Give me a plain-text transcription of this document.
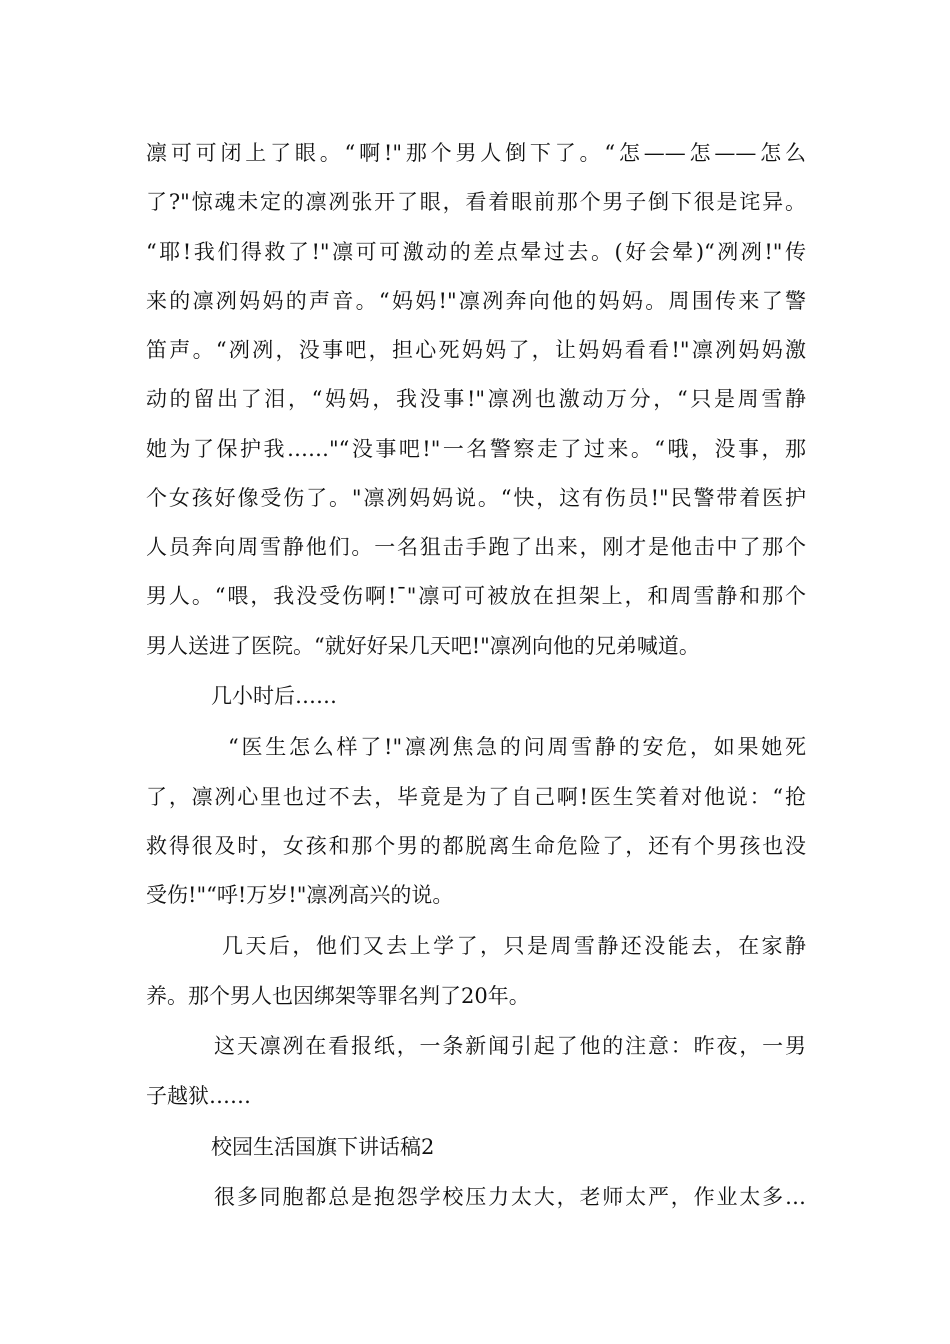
凛可可闭上了眼。“啊!"那个男人倒下了。“怎——怎——怎么
了?"惊魂未定的凛冽张开了眼，看着眼前那个男子倒下很是诧异。
“耶!我们得救了!"凛可可激动的差点晕过去。(好会晕)“冽冽!"传
来的凛冽妈妈的声音。“妈妈!"凛冽奔向他的妈妈。周围传来了警
笛声。“冽冽，没事吧，担心死妈妈了，让妈妈看看!"凛冽妈妈激
动的留出了泪，“妈妈，我没事!"凛冽也激动万分，“只是周雪静
她为了保护我……"“没事吧!"一名警察走了过来。“哦，没事，那
个女孩好像受伤了。"凛冽妈妈说。“快，这有伤员!"民警带着医护
人员奔向周雪静他们。一名狙击手跑了出来，刚才是他击中了那个
男人。“喂，我没受伤啊!¯"凛可可被放在担架上，和周雪静和那个
男人送进了医院。“就好好呆几天吧!"凛冽向他的兄弟喊道。
几小时后……
“医生怎么样了!"凛冽焦急的问周雪静的安危，如果她死
了，凛冽心里也过不去，毕竟是为了自己啊!医生笑着对他说：“抢
救得很及时，女孩和那个男的都脱离生命危险了，还有个男孩也没
受伤!"“呼!万岁!"凛冽高兴的说。
几天后，他们又去上学了，只是周雪静还没能去，在家静
养。那个男人也因绑架等罪名判了20年。
这天凛冽在看报纸，一条新闻引起了他的注意：昨夜，一男
子越狱……
校园生活国旗下讲话稿2
很多同胞都总是抱怨学校压力太大，老师太严，作业太多…
